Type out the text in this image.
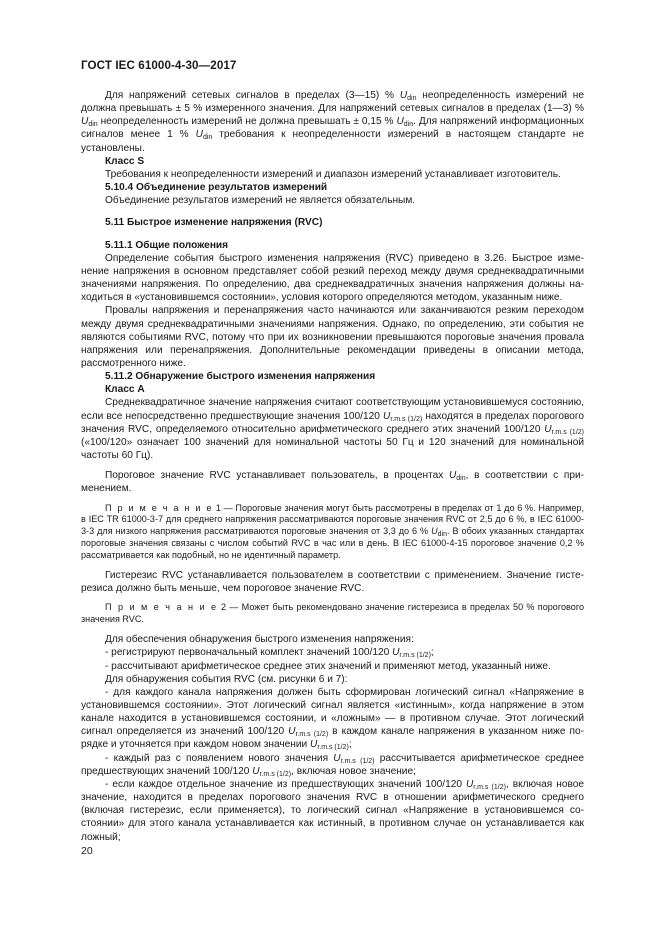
ГОСТ IEC 61000-4-30—2017

Для напряжений сетевых сигналов в пределах (3—15) % $U_{din}$ неопределенность измерений не должна превышать ± 5 % измеренного значения. Для напряжений сетевых сигналов в пределах (1—3) % $U_{din}$ неопределенность измерений не должна превышать ± 0,15 % $U_{din}$. Для напряжений информационных сигналов менее 1 % $U_{din}$ требования к неопределенности измерений в настоящем стандарте не установлены.

Класс S

Требования к неопределенности измерений и диапазон измерений устанавливает изготовитель.

5.10.4 Объединение результатов измерений

Объединение результатов измерений не является обязательным.

5.11 Быстрое изменение напряжения (RVC)

5.11.1 Общие положения

Определение события быстрого изменения напряжения (RVC) приведено в 3.26. Быстрое изменение напряжения в основном представляет собой резкий переход между двумя среднеквадратичными значениями напряжения. По определению, два среднеквадратичных значения напряжения должны находиться в «установившемся состоянии», условия которого определяются методом, указанным ниже.

Провалы напряжения и перенапряжения часто начинаются или заканчиваются резким переходом между двумя среднеквадратичными значениями напряжения. Однако, по определению, эти события не являются событиями RVC, потому что при их возникновении превышаются пороговые значения провала напряжения или перенапряжения. Дополнительные рекомендации приведены в описании метода, рассмотренного ниже.

5.11.2 Обнаружение быстрого изменения напряжения

Класс А

Среднеквадратичное значение напряжения считают соответствующим установившемуся состоянию, если все непосредственно предшествующие значения 100/120 $U_{r.m.s (1/2)}$ находятся в пределах порогового значения RVC, определяемого относительно арифметического среднего этих значений 100/120 $U_{r.m.s (1/2)}$ («100/120» означает 100 значений для номинальной частоты 50 Гц и 120 значений для номинальной частоты 60 Гц).

Пороговое значение RVC устанавливает пользователь, в процентах $U_{din}$, в соответствии с применением.

П р и м е ч а н и е 1 — Пороговые значения могут быть рассмотрены в пределах от 1 до 6 %. Например, в IEC TR 61000-3-7 для среднего напряжения рассматриваются пороговые значения RVC от 2,5 до 6 %, в IEC 61000-3-3 для низкого напряжения рассматриваются пороговые значения от 3,3 до 6 % $U_{din}$. В обоих указанных стандартах пороговые значения связаны с числом событий RVC в час или в день. В IEC 61000-4-15 пороговое значение 0,2 % рассматривается как подобный, но не идентичный параметр.

Гистерезис RVC устанавливается пользователем в соответствии с применением. Значение гистерезиса должно быть меньше, чем пороговое значение RVC.

П р и м е ч а н и е 2 — Может быть рекомендовано значение гистерезиса в пределах 50 % порогового значения RVC.

Для обеспечения обнаружения быстрого изменения напряжения:

- регистрируют первоначальный комплект значений 100/120 $U_{r.m.s (1/2)}$;

- рассчитывают арифметическое среднее этих значений и применяют метод, указанный ниже.

Для обнаружения события RVC (см. рисунки 6 и 7):

- для каждого канала напряжения должен быть сформирован логический сигнал «Напряжение в установившемся состоянии». Этот логический сигнал является «истинным», когда напряжение в этом канале находится в установившемся состоянии, и «ложным» — в противном случае. Этот логический сигнал определяется из значений 100/120 $U_{r.m.s (1/2)}$ в каждом канале напряжения в указанном ниже порядке и уточняется при каждом новом значении $U_{r.m.s (1/2)}$;

- каждый раз с появлением нового значения $U_{r.m.s (1/2)}$ рассчитывается арифметическое среднее предшествующих значений 100/120 $U_{r.m.s (1/2)}$, включая новое значение;

- если каждое отдельное значение из предшествующих значений 100/120 $U_{r.m.s (1/2)}$, включая новое значение, находится в пределах порогового значения RVC в отношении арифметического среднего (включая гистерезис, если применяется), то логический сигнал «Напряжение в установившемся состоянии» для этого канала устанавливается как истинный, в противном случае он устанавливается как ложный;

20
